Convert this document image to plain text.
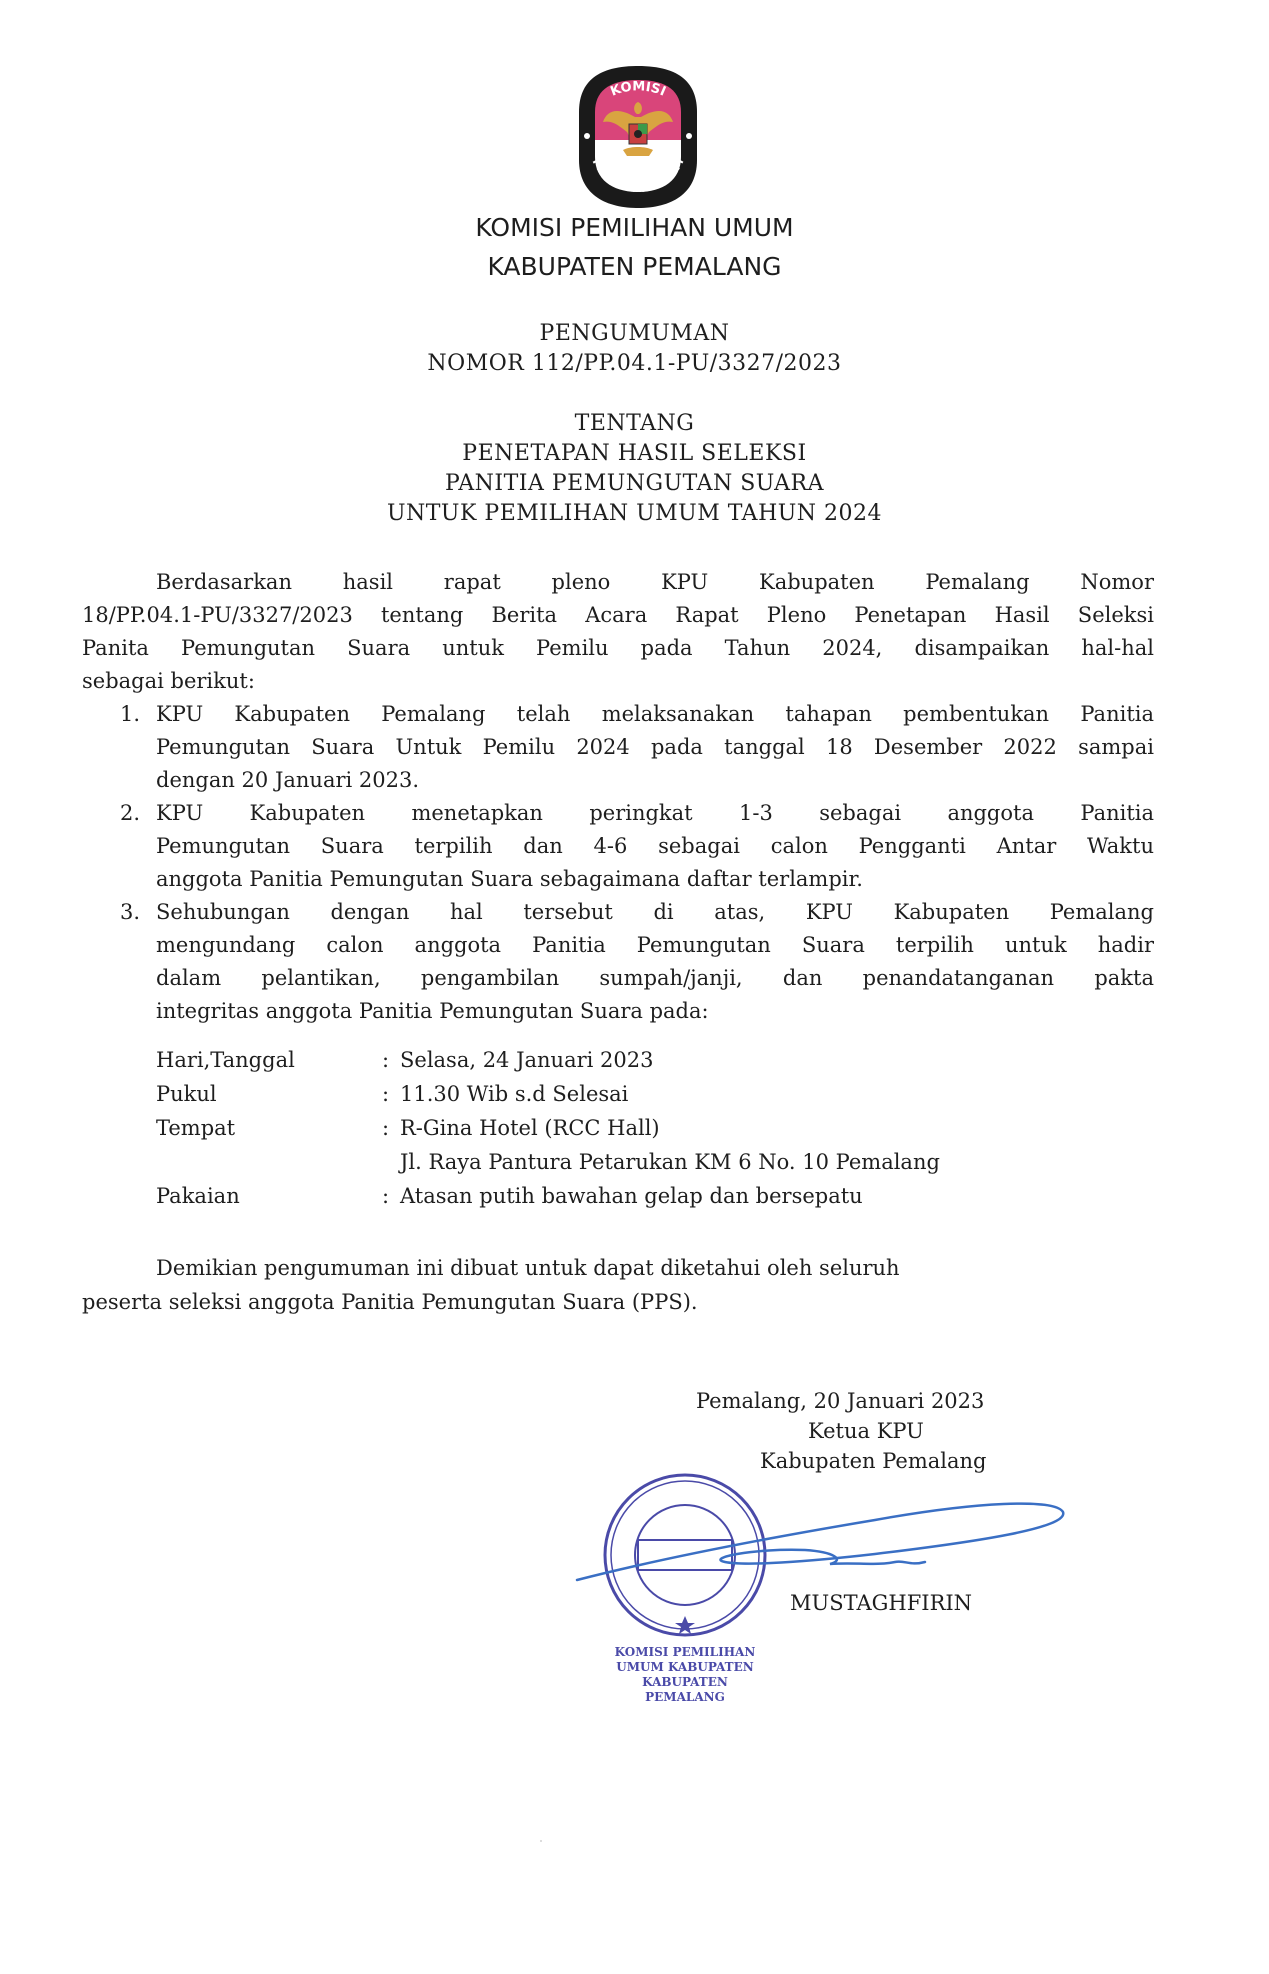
KOMISI
PEMILIHAN UMUM
KOMISI PEMILIHAN UMUM
KABUPATEN PEMALANG
PENGUMUMAN
NOMOR 112/PP.04.1-PU/3327/2023
TENTANG
PENETAPAN HASIL SELEKSI
PANITIA PEMUNGUTAN SUARA
UNTUK PEMILIHAN UMUM TAHUN 2024
Berdasarkan hasil rapat pleno KPU Kabupaten Pemalang Nomor
18/PP.04.1-PU/3327/2023 tentang Berita Acara Rapat Pleno Penetapan Hasil Seleksi
Panita Pemungutan Suara untuk Pemilu pada Tahun 2024, disampaikan hal-hal
sebagai berikut:
1. KPU Kabupaten Pemalang telah melaksanakan tahapan pembentukan Panitia
Pemungutan Suara Untuk Pemilu 2024 pada tanggal 18 Desember 2022 sampai
dengan 20 Januari 2023.
2. KPU Kabupaten menetapkan peringkat 1-3 sebagai anggota Panitia
Pemungutan Suara terpilih dan 4-6 sebagai calon Pengganti Antar Waktu
anggota Panitia Pemungutan Suara sebagaimana daftar terlampir.
3. Sehubungan dengan hal tersebut di atas, KPU Kabupaten Pemalang
mengundang calon anggota Panitia Pemungutan Suara terpilih untuk hadir
dalam pelantikan, pengambilan sumpah/janji, dan penandatanganan pakta
integritas anggota Panitia Pemungutan Suara pada:
Hari,Tanggal	: Selasa, 24 Januari 2023
Pukul	: 11.30 Wib s.d Selesai
Tempat	: R-Gina Hotel (RCC Hall)
Jl. Raya Pantura Petarukan KM 6 No. 10 Pemalang
Pakaian	: Atasan putih bawahan gelap dan bersepatu
Demikian pengumuman ini dibuat untuk dapat diketahui oleh seluruh
peserta seleksi anggota Panitia Pemungutan Suara (PPS).
Pemalang, 20 Januari 2023
Ketua KPU
Kabupaten Pemalang
MUSTAGHFIRIN
KOMISI PEMILIHAN UMUM KABUPATEN
KABUPATEN
PEMALANG
